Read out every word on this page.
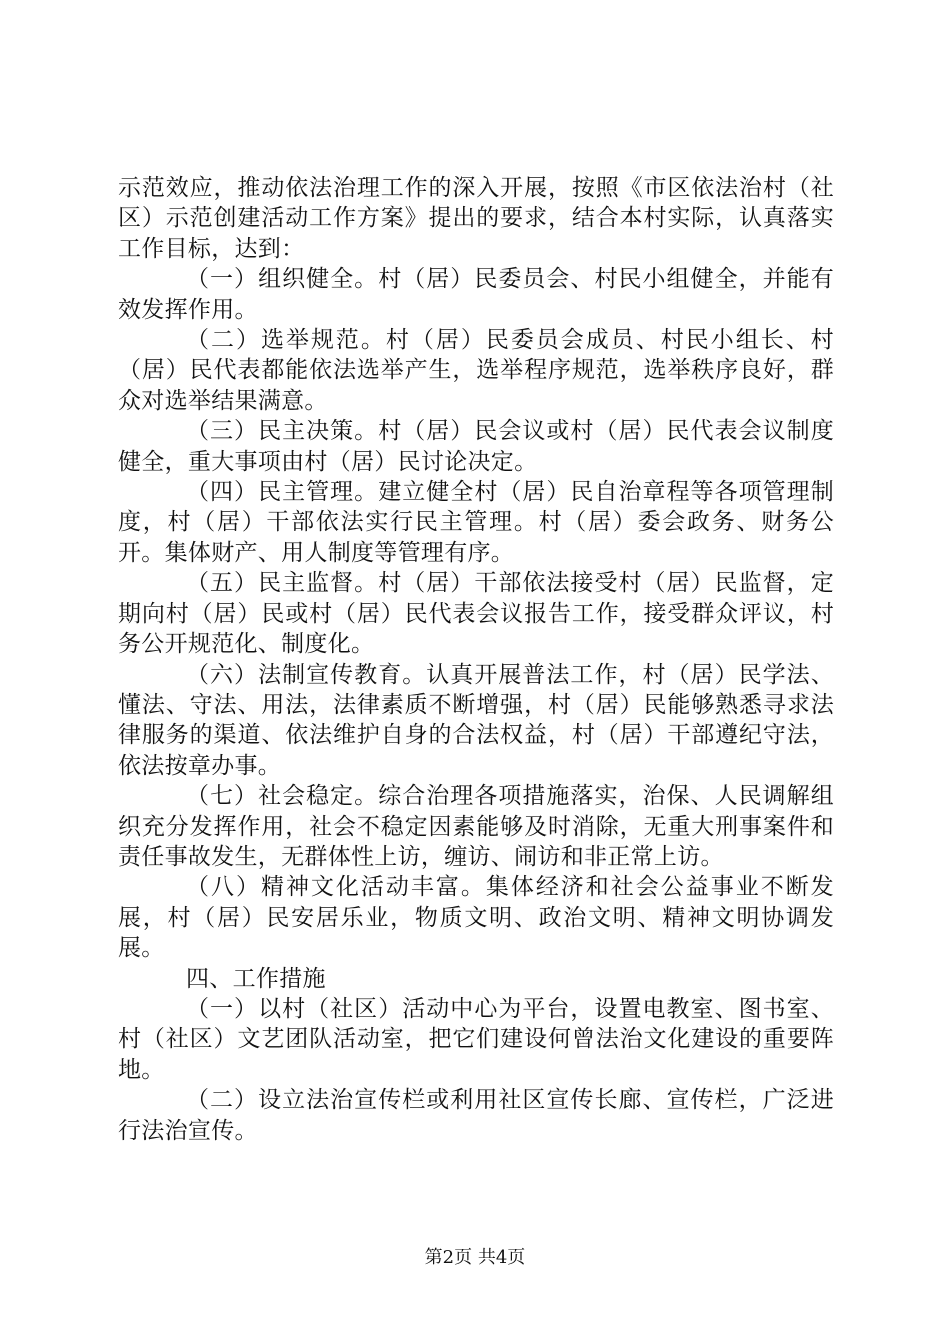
示范效应，推动依法治理工作的深入开展，按照《市区依法治村（社区）示范创建活动工作方案》提出的要求，结合本村实际，认真落实工作目标，达到：

（一）组织健全。村（居）民委员会、村民小组健全，并能有效发挥作用。

（二）选举规范。村（居）民委员会成员、村民小组长、村（居）民代表都能依法选举产生，选举程序规范，选举秩序良好，群众对选举结果满意。

（三）民主决策。村（居）民会议或村（居）民代表会议制度健全，重大事项由村（居）民讨论决定。

（四）民主管理。建立健全村（居）民自治章程等各项管理制度，村（居）干部依法实行民主管理。村（居）委会政务、财务公开。集体财产、用人制度等管理有序。

（五）民主监督。村（居）干部依法接受村（居）民监督，定期向村（居）民或村（居）民代表会议报告工作，接受群众评议，村务公开规范化、制度化。

（六）法制宣传教育。认真开展普法工作，村（居）民学法、懂法、守法、用法，法律素质不断增强，村（居）民能够熟悉寻求法律服务的渠道、依法维护自身的合法权益，村（居）干部遵纪守法，依法按章办事。

（七）社会稳定。综合治理各项措施落实，治保、人民调解组织充分发挥作用，社会不稳定因素能够及时消除，无重大刑事案件和责任事故发生，无群体性上访，缠访、闹访和非正常上访。

（八）精神文化活动丰富。集体经济和社会公益事业不断发展，村（居）民安居乐业，物质文明、政治文明、精神文明协调发展。

四、工作措施

（一）以村（社区）活动中心为平台，设置电教室、图书室、村（社区）文艺团队活动室，把它们建设何曾法治文化建设的重要阵地。

（二）设立法治宣传栏或利用社区宣传长廊、宣传栏，广泛进行法治宣传。

第2页 共4页
